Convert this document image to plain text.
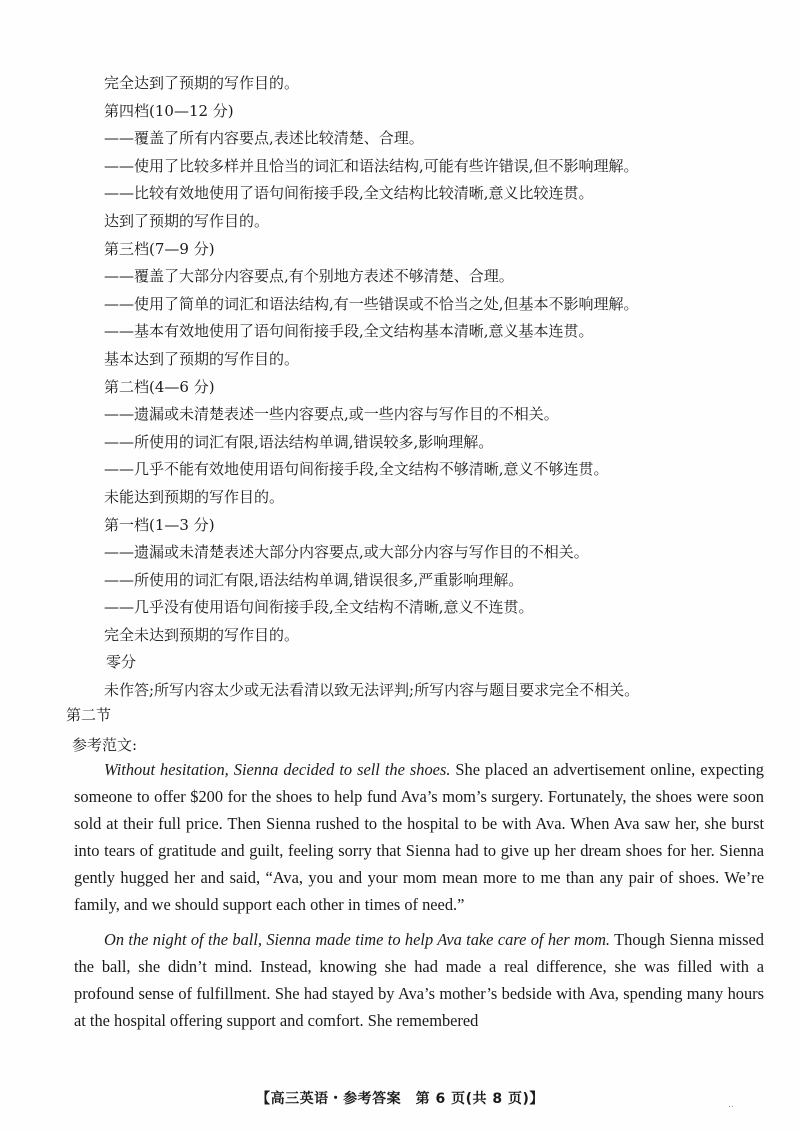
完全达到了预期的写作目的。
第四档(10—12 分)
——覆盖了所有内容要点,表述比较清楚、合理。
——使用了比较多样并且恰当的词汇和语法结构,可能有些许错误,但不影响理解。
——比较有效地使用了语句间衔接手段,全文结构比较清晰,意义比较连贯。
达到了预期的写作目的。
第三档(7—9 分)
——覆盖了大部分内容要点,有个别地方表述不够清楚、合理。
——使用了简单的词汇和语法结构,有一些错误或不恰当之处,但基本不影响理解。
——基本有效地使用了语句间衔接手段,全文结构基本清晰,意义基本连贯。
基本达到了预期的写作目的。
第二档(4—6 分)
——遗漏或未清楚表述一些内容要点,或一些内容与写作目的不相关。
——所使用的词汇有限,语法结构单调,错误较多,影响理解。
——几乎不能有效地使用语句间衔接手段,全文结构不够清晰,意义不够连贯。
未能达到预期的写作目的。
第一档(1—3 分)
——遗漏或未清楚表述大部分内容要点,或大部分内容与写作目的不相关。
——所使用的词汇有限,语法结构单调,错误很多,严重影响理解。
——几乎没有使用语句间衔接手段,全文结构不清晰,意义不连贯。
完全未达到预期的写作目的。
零分
未作答;所写内容太少或无法看清以致无法评判;所写内容与题目要求完全不相关。
第二节
参考范文:

Without hesitation, Sienna decided to sell the shoes. She placed an advertisement online, expecting someone to offer $200 for the shoes to help fund Ava’s mom’s surgery. Fortunately, the shoes were soon sold at their full price. Then Sienna rushed to the hospital to be with Ava. When Ava saw her, she burst into tears of gratitude and guilt, feeling sorry that Sienna had to give up her dream shoes for her. Sienna gently hugged her and said, “Ava, you and your mom mean more to me than any pair of shoes. We’re family, and we should support each other in times of need.”

On the night of the ball, Sienna made time to help Ava take care of her mom. Though Sienna missed the ball, she didn’t mind. Instead, knowing she had made a real difference, she was filled with a profound sense of fulfillment. She had stayed by Ava’s mother’s bedside with Ava, spending many hours at the hospital offering support and comfort. She remembered

【高三英语・参考答案　第 6 页(共 8 页)】	..
